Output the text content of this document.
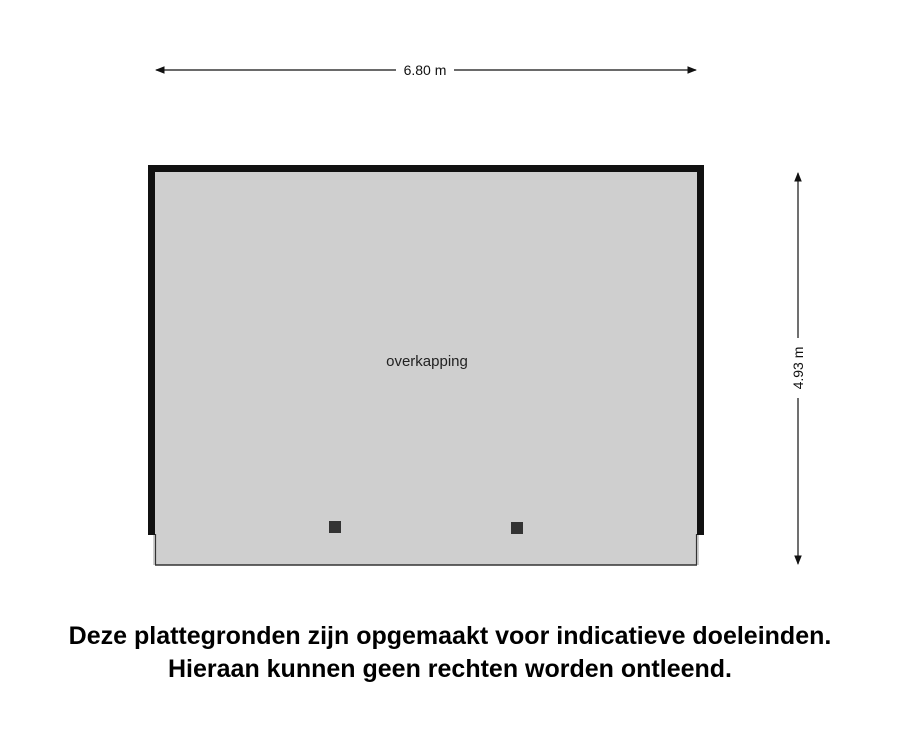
6.80 m
4.93 m
overkapping
Deze plattegronden zijn opgemaakt voor indicatieve doeleinden.
Hieraan kunnen geen rechten worden ontleend.
